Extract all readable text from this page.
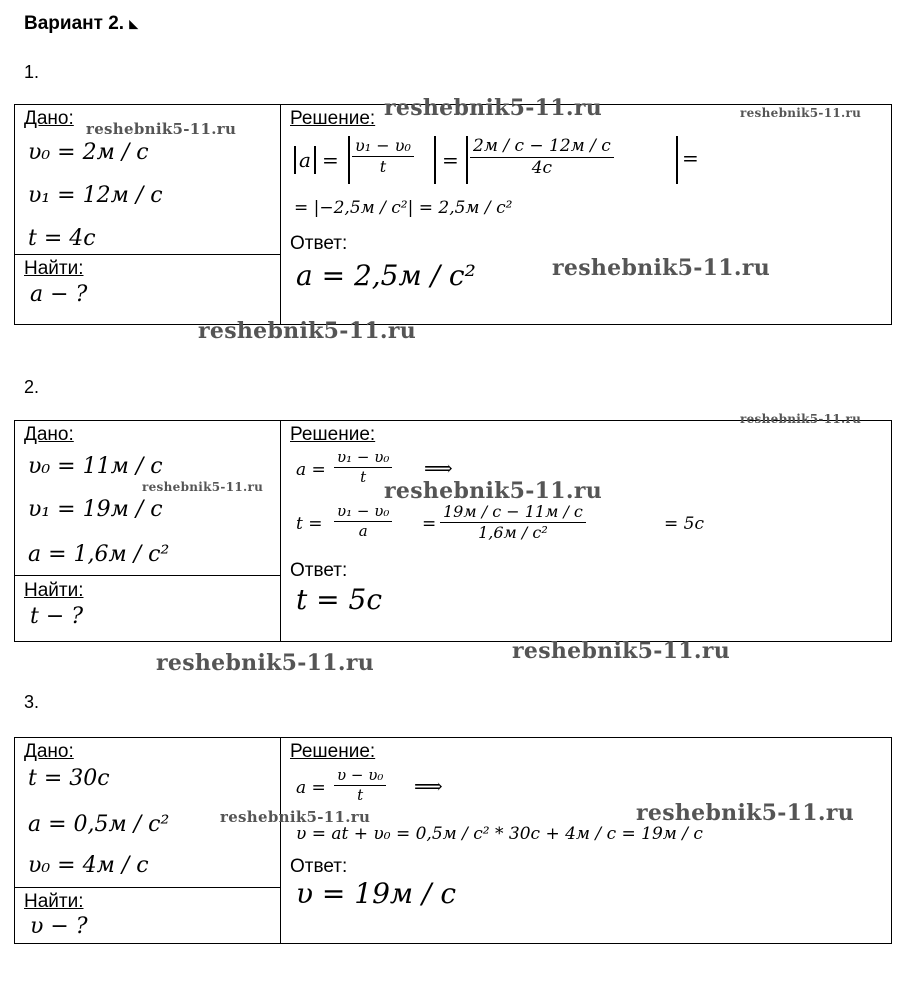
Вариант 2. ◣
1.
Дано:
υ₀ = 2м / с
υ₁ = 12м / с
t = 4с
Найти:
a − ?
Решение:
$a = \frac{\text{υ₁ − υ₀}}{t}$ =
2м / с − 12м / с
4с	=
= |−2,5м / с²| = 2,5м / с²
Ответ:
a = 2,5м / с²
2.
Дано:
υ₀ = 11м / с
υ₁ = 19м / с
a = 1,6м / с²
Найти:
t − ?
Решение:
$a = \frac{\text{υ₁ − υ₀}}{t}$ ⟹
$t = \frac{\text{υ₁ − υ₀}}{a}$ =
19м / с − 11м / с
1,6м / с²	= 5с
Ответ:
t = 5с
3.
Дано:
t = 30с
a = 0,5м / с²
υ₀ = 4м / с
Найти:
υ − ?
Решение:
$a = \frac{\text{υ − υ₀}}{t}$ ⟹
υ = at + υ₀ = 0,5м / с² * 30с + 4м / с = 19м / с
Ответ:
υ = 19м / с
reshebnik5-11.ru	reshebnik5-11.ru
reshebnik5-11.ru
reshebnik5-11.ru
reshebnik5-11.ru
reshebnik5-11.ru
reshebnik5-11.ru	reshebnik5-11.ru
reshebnik5-11.ru
reshebnik5-11.ru
reshebnik5-11.ru
reshebnik5-11.ru
